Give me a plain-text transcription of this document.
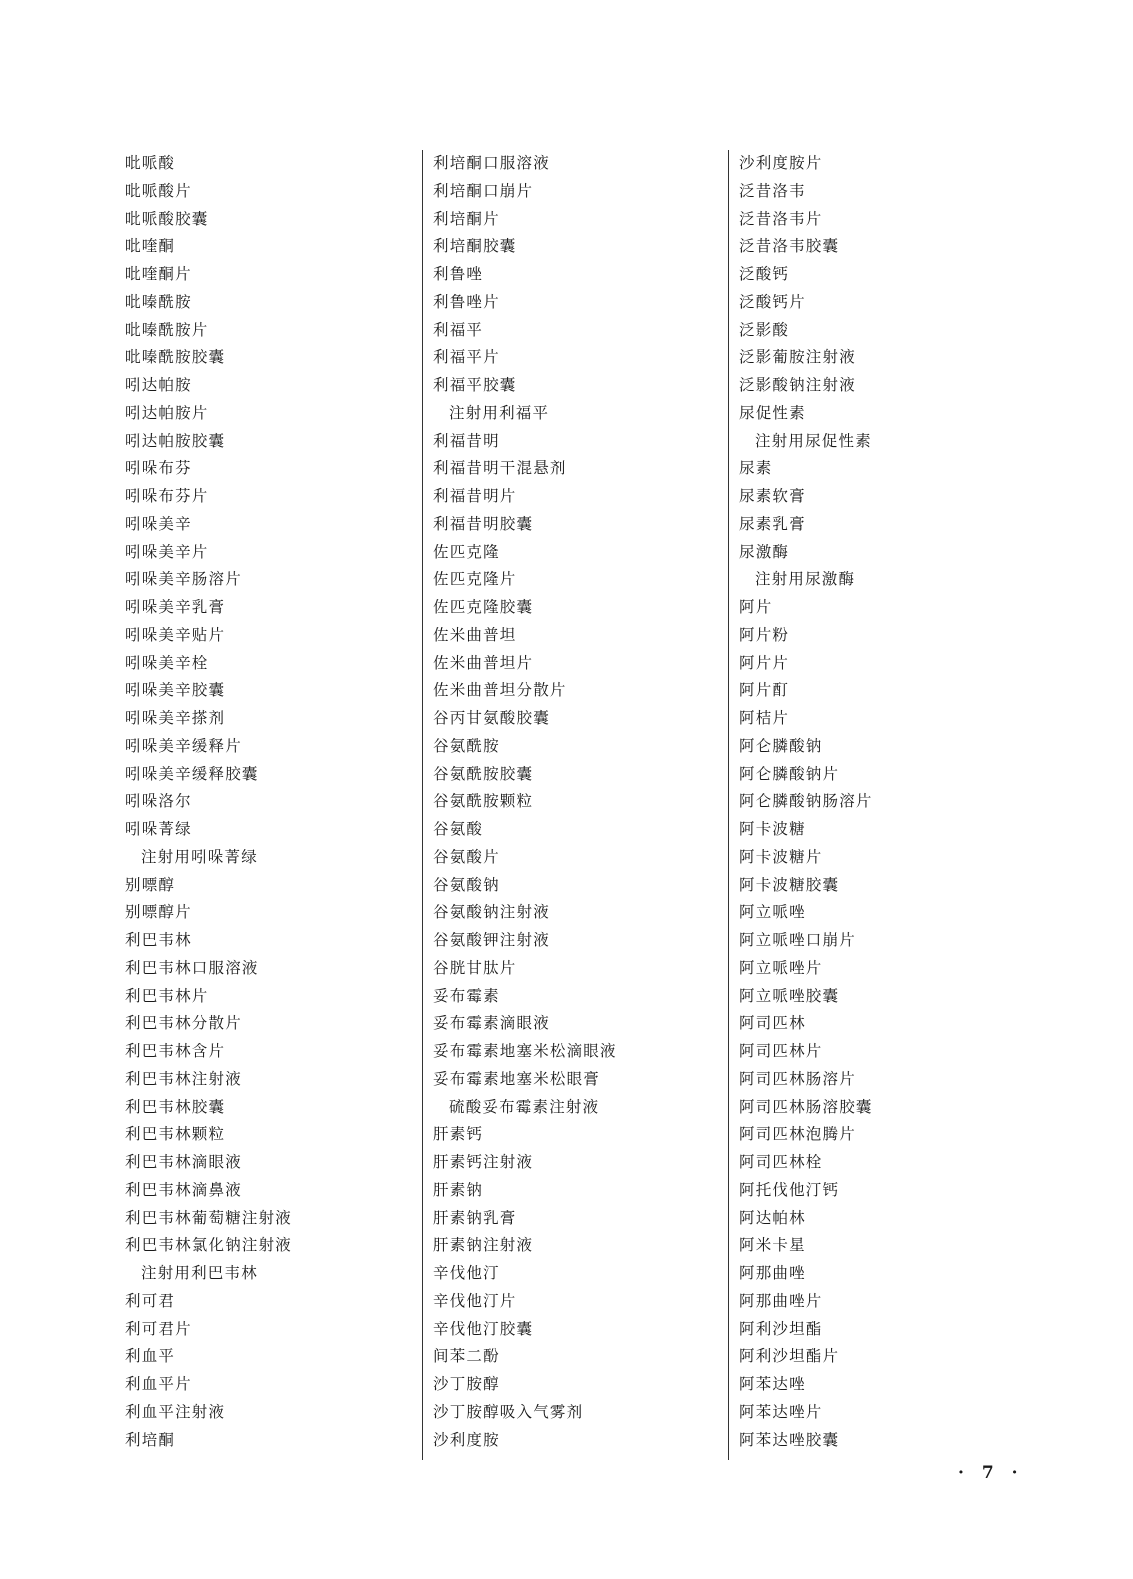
吡哌酸
吡哌酸片
吡哌酸胶囊
吡喹酮
吡喹酮片
吡嗪酰胺
吡嗪酰胺片
吡嗪酰胺胶囊
吲达帕胺
吲达帕胺片
吲达帕胺胶囊
吲哚布芬
吲哚布芬片
吲哚美辛
吲哚美辛片
吲哚美辛肠溶片
吲哚美辛乳膏
吲哚美辛贴片
吲哚美辛栓
吲哚美辛胶囊
吲哚美辛搽剂
吲哚美辛缓释片
吲哚美辛缓释胶囊
吲哚洛尔
吲哚菁绿
注射用吲哚菁绿
别嘌醇
别嘌醇片
利巴韦林
利巴韦林口服溶液
利巴韦林片
利巴韦林分散片
利巴韦林含片
利巴韦林注射液
利巴韦林胶囊
利巴韦林颗粒
利巴韦林滴眼液
利巴韦林滴鼻液
利巴韦林葡萄糖注射液
利巴韦林氯化钠注射液
注射用利巴韦林
利可君
利可君片
利血平
利血平片
利血平注射液
利培酮
利培酮口服溶液
利培酮口崩片
利培酮片
利培酮胶囊
利鲁唑
利鲁唑片
利福平
利福平片
利福平胶囊
注射用利福平
利福昔明
利福昔明干混悬剂
利福昔明片
利福昔明胶囊
佐匹克隆
佐匹克隆片
佐匹克隆胶囊
佐米曲普坦
佐米曲普坦片
佐米曲普坦分散片
谷丙甘氨酸胶囊
谷氨酰胺
谷氨酰胺胶囊
谷氨酰胺颗粒
谷氨酸
谷氨酸片
谷氨酸钠
谷氨酸钠注射液
谷氨酸钾注射液
谷胱甘肽片
妥布霉素
妥布霉素滴眼液
妥布霉素地塞米松滴眼液
妥布霉素地塞米松眼膏
硫酸妥布霉素注射液
肝素钙
肝素钙注射液
肝素钠
肝素钠乳膏
肝素钠注射液
辛伐他汀
辛伐他汀片
辛伐他汀胶囊
间苯二酚
沙丁胺醇
沙丁胺醇吸入气雾剂
沙利度胺
沙利度胺片
泛昔洛韦
泛昔洛韦片
泛昔洛韦胶囊
泛酸钙
泛酸钙片
泛影酸
泛影葡胺注射液
泛影酸钠注射液
尿促性素
注射用尿促性素
尿素
尿素软膏
尿素乳膏
尿激酶
注射用尿激酶
阿片
阿片粉
阿片片
阿片酊
阿桔片
阿仑膦酸钠
阿仑膦酸钠片
阿仑膦酸钠肠溶片
阿卡波糖
阿卡波糖片
阿卡波糖胶囊
阿立哌唑
阿立哌唑口崩片
阿立哌唑片
阿立哌唑胶囊
阿司匹林
阿司匹林片
阿司匹林肠溶片
阿司匹林肠溶胶囊
阿司匹林泡腾片
阿司匹林栓
阿托伐他汀钙
阿达帕林
阿米卡星
阿那曲唑
阿那曲唑片
阿利沙坦酯
阿利沙坦酯片
阿苯达唑
阿苯达唑片
阿苯达唑胶囊
· 7 ·
